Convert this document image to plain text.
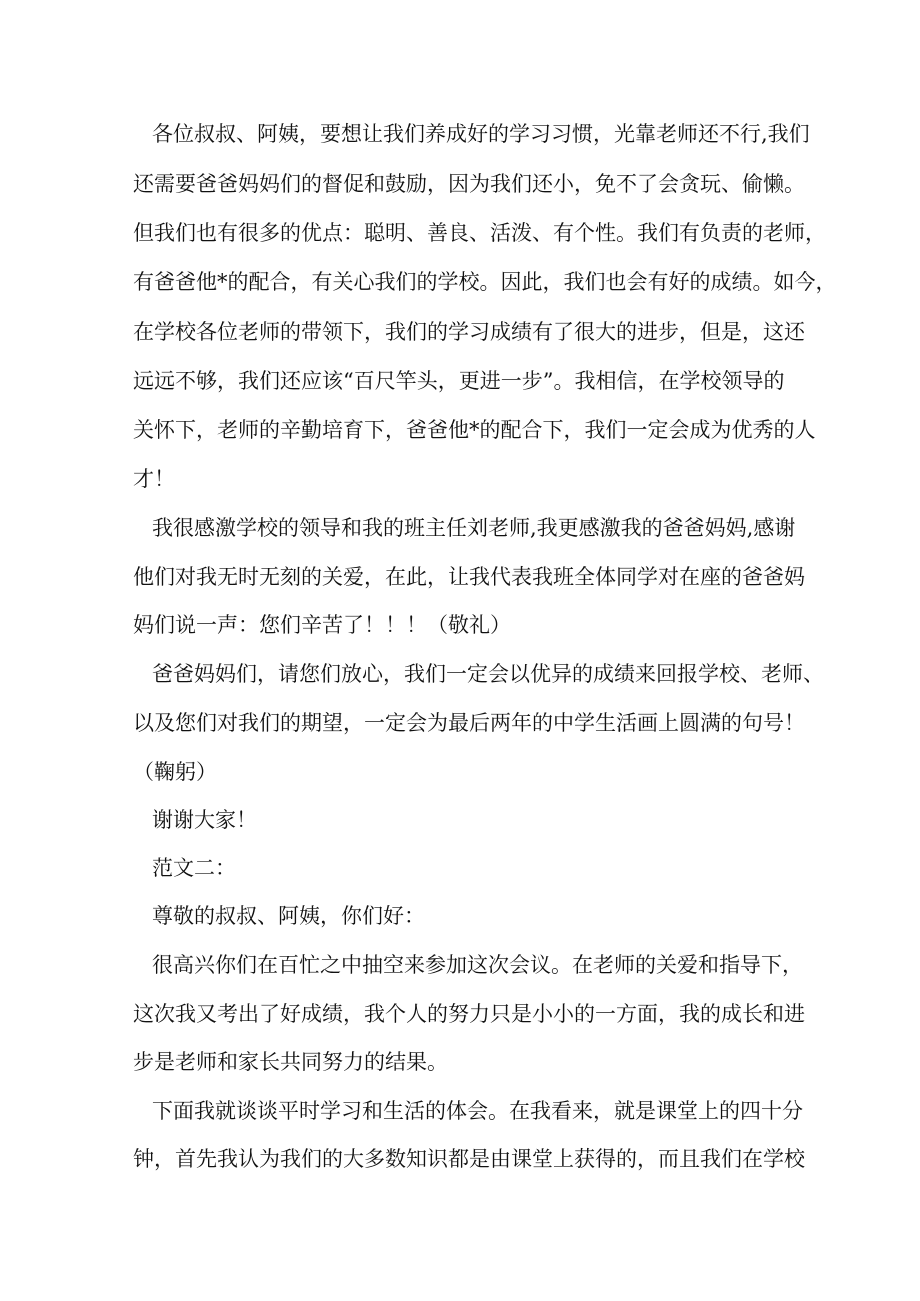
各位叔叔、阿姨，要想让我们养成好的学习习惯，光靠老师还不行,我们
还需要爸爸妈妈们的督促和鼓励，因为我们还小，免不了会贪玩、偷懒。
但我们也有很多的优点：聪明、善良、活泼、有个性。我们有负责的老师，
有爸爸他*的配合，有关心我们的学校。因此，我们也会有好的成绩。如今，
在学校各位老师的带领下，我们的学习成绩有了很大的进步，但是，这还
远远不够，我们还应该“百尺竿头，更进一步”。我相信，在学校领导的
关怀下，老师的辛勤培育下，爸爸他*的配合下，我们一定会成为优秀的人
才！
我很感激学校的领导和我的班主任刘老师,我更感激我的爸爸妈妈,感谢
他们对我无时无刻的关爱，在此，让我代表我班全体同学对在座的爸爸妈
妈们说一声：您们辛苦了！！！（敬礼）
爸爸妈妈们，请您们放心，我们一定会以优异的成绩来回报学校、老师、
以及您们对我们的期望，一定会为最后两年的中学生活画上圆满的句号！
（鞠躬）
谢谢大家！
范文二：
尊敬的叔叔、阿姨，你们好：
很高兴你们在百忙之中抽空来参加这次会议。在老师的关爱和指导下，
这次我又考出了好成绩，我个人的努力只是小小的一方面，我的成长和进
步是老师和家长共同努力的结果。
下面我就谈谈平时学习和生活的体会。在我看来，就是课堂上的四十分
钟，首先我认为我们的大多数知识都是由课堂上获得的，而且我们在学校
